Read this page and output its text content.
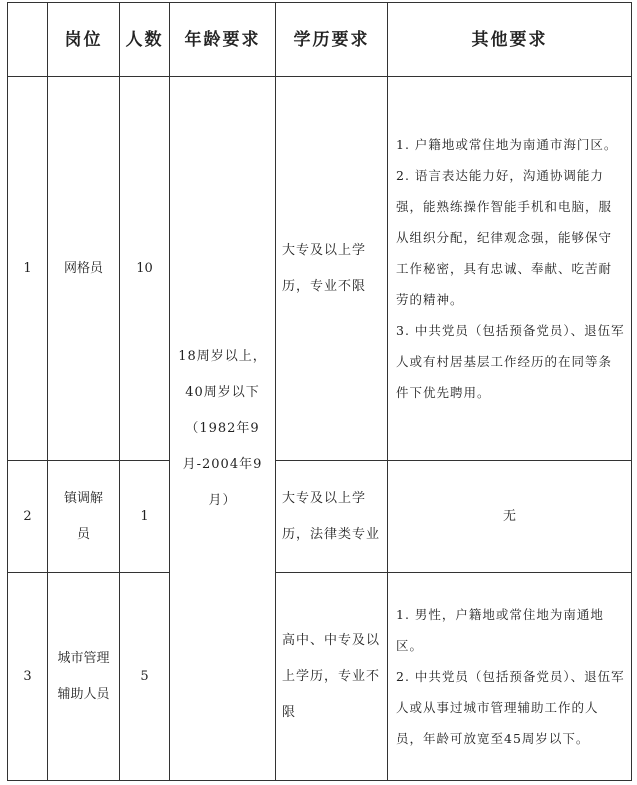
	岗位	人数	年龄要求	学历要求	其他要求
1	网格员	10	18周岁以上，40周岁以下（1982年9月-2004年9月）	大专及以上学历，专业不限	1. 户籍地或常住地为南通市海门区。
2. 语言表达能力好，沟通协调能力强，能熟练操作智能手机和电脑，服从组织分配，纪律观念强，能够保守工作秘密，具有忠诚、奉献、吃苦耐劳的精神。
3. 中共党员（包括预备党员）、退伍军人或有村居基层工作经历的在同等条件下优先聘用。

2	镇调解员	1		大专及以上学历，法律类专业	无
3	城市管理辅助人员	5		高中、中专及以上学历，专业不限	1. 男性，户籍地或常住地为南通地区。
2. 中共党员（包括预备党员）、退伍军人或从事过城市管理辅助工作的人员，年龄可放宽至45周岁以下。
